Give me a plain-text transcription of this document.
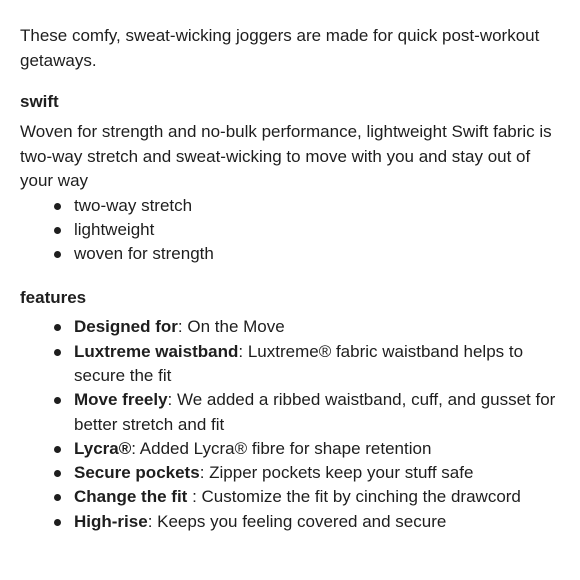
These comfy, sweat-wicking joggers are made for quick post-workout getaways.

swift

Woven for strength and no-bulk performance, lightweight Swift fabric is two-way stretch and sweat-wicking to move with you and stay out of your way

two-way stretch
lightweight
woven for strength
features
Designed for: On the Move
Luxtreme waistband: Luxtreme® fabric waistband helps to secure the fit
Move freely: We added a ribbed waistband, cuff, and gusset for better stretch and fit
Lycra®: Added Lycra® fibre for shape retention
Secure pockets: Zipper pockets keep your stuff safe
Change the fit : Customize the fit by cinching the drawcord
High-rise: Keeps you feeling covered and secure
